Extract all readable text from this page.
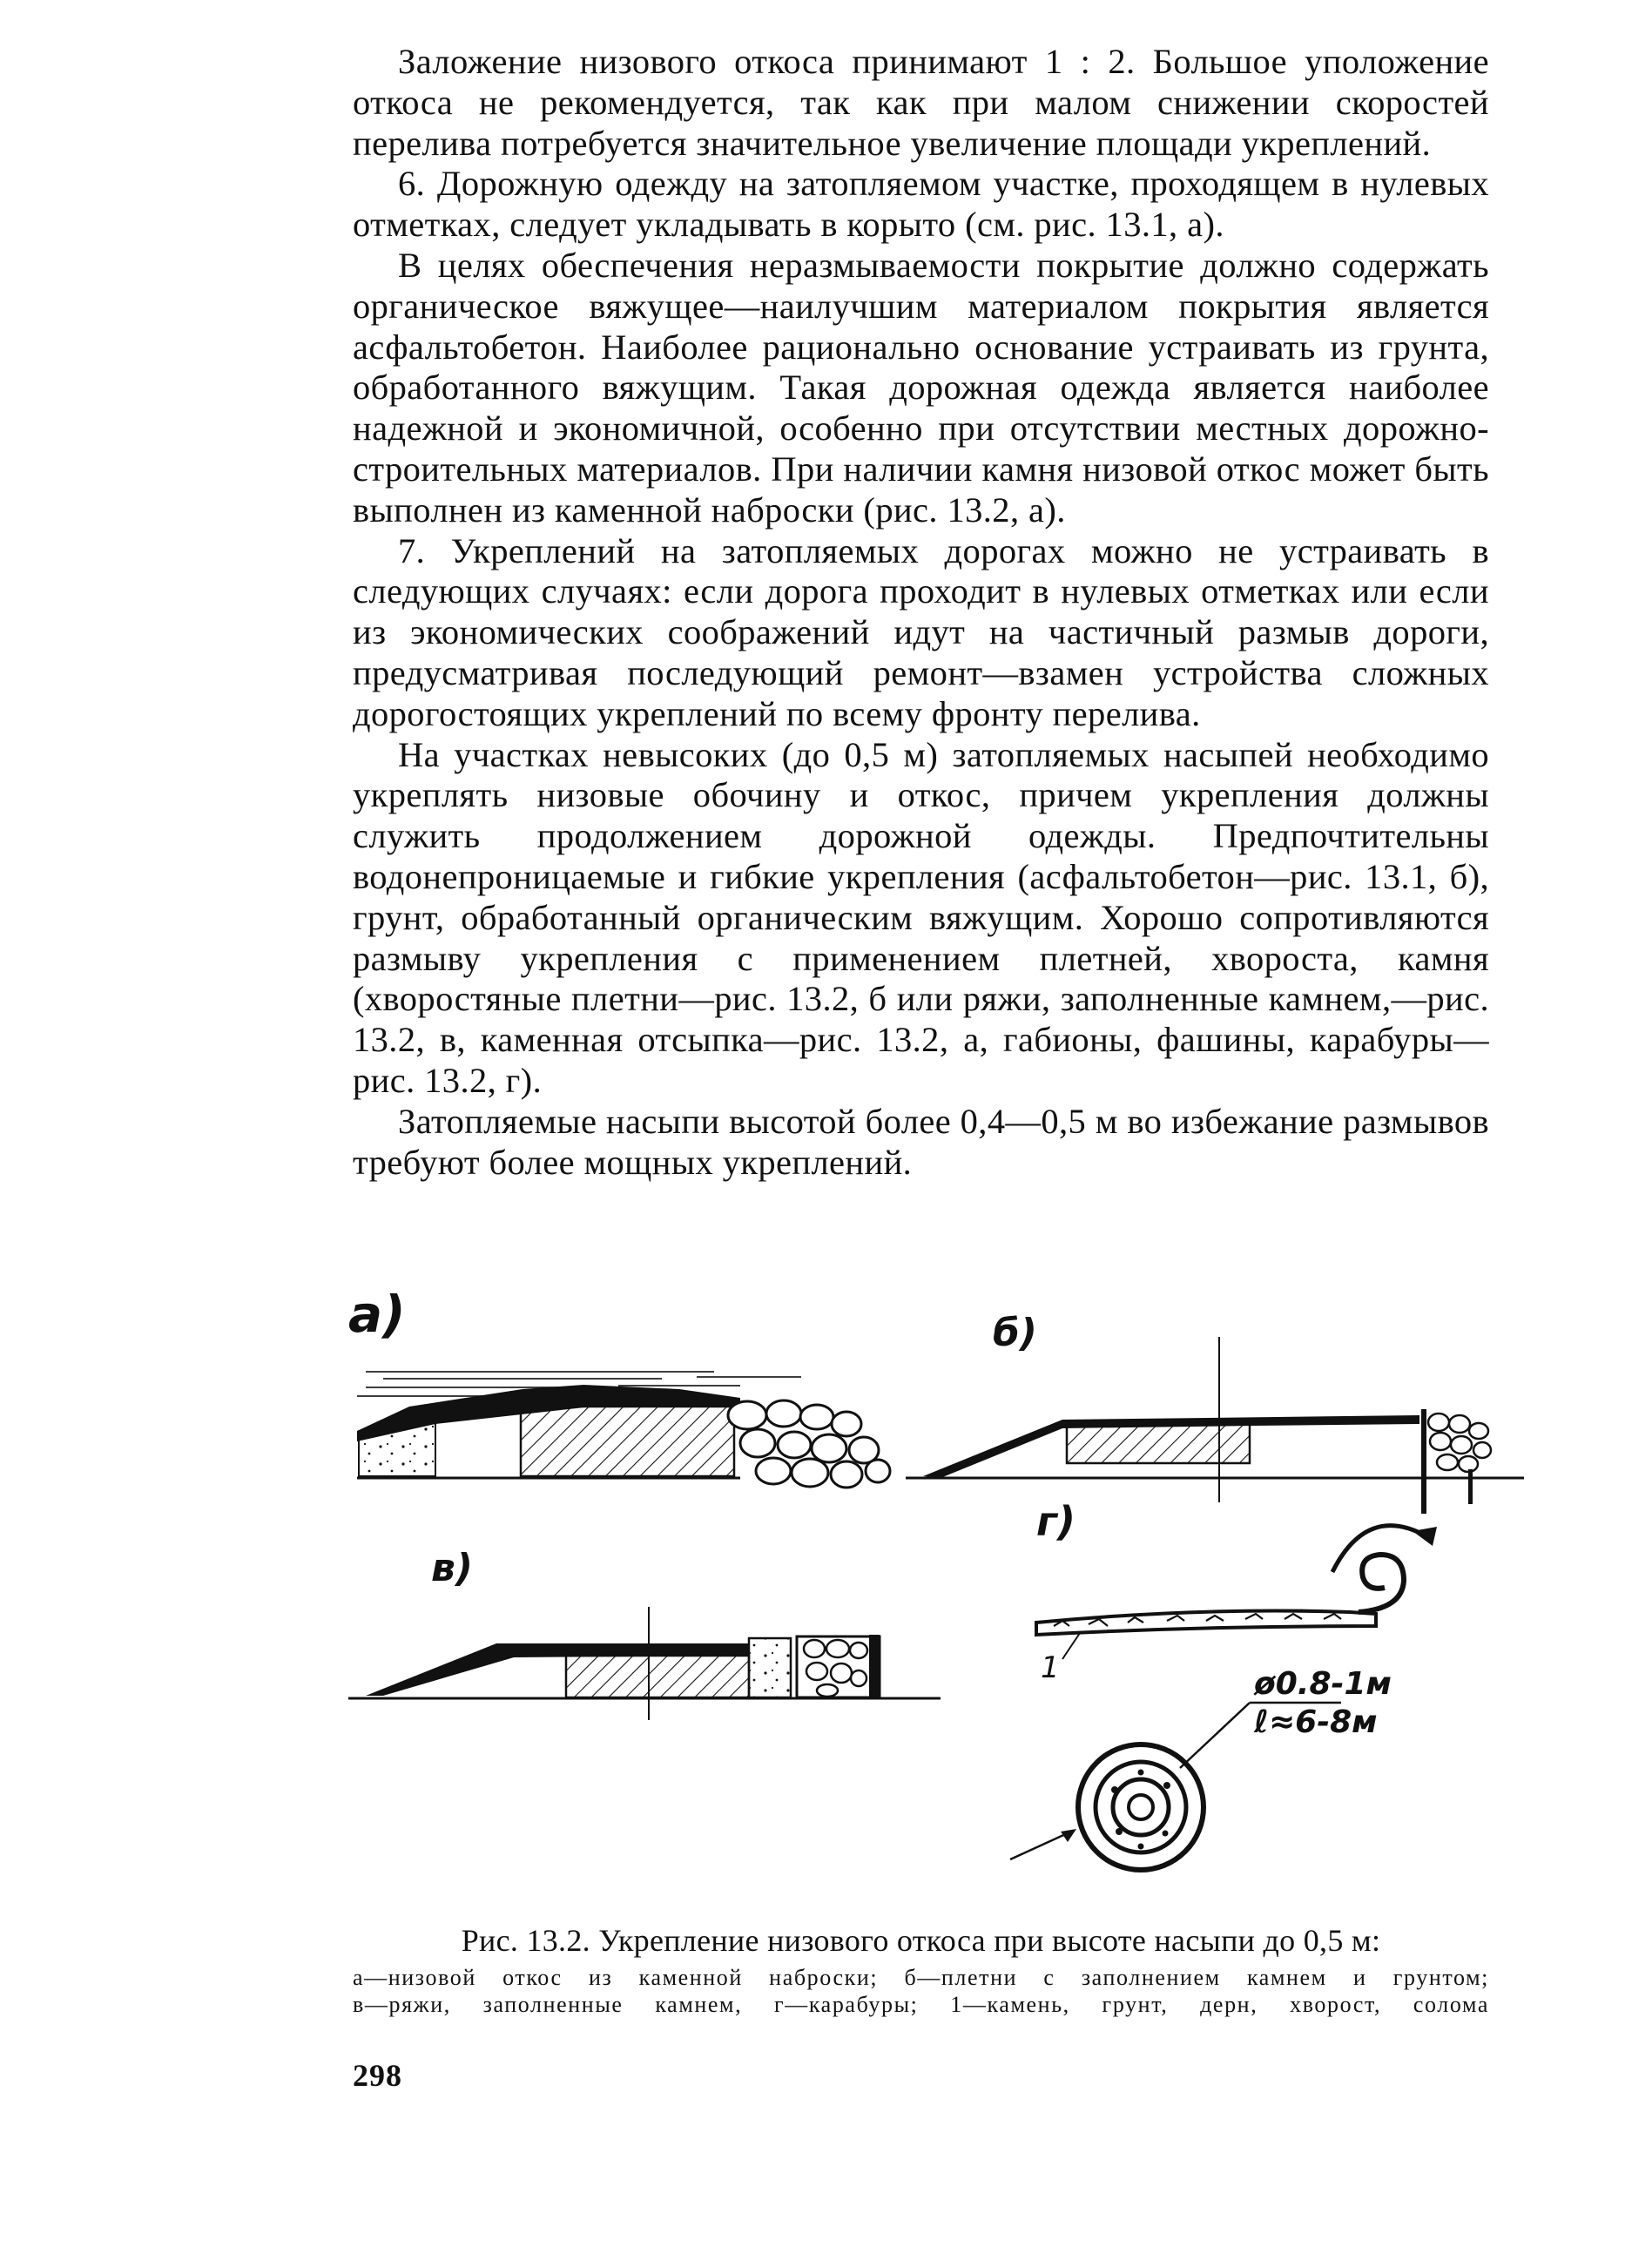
Заложение низового откоса принимают 1 : 2. Большое уположение откоса не рекомендуется, так как при малом снижении скоростей перелива потребуется значительное увеличение площади укреплений.

6. Дорожную одежду на затопляемом участке, проходящем в нулевых отметках, следует укладывать в корыто (см. рис. 13.1, а).

В целях обеспечения неразмываемости покрытие должно содержать органическое вяжущее—наилучшим материалом покрытия является асфальтобетон. Наиболее рационально основание устраивать из грунта, обработанного вяжущим. Такая дорожная одежда является наиболее надежной и экономичной, особенно при отсутствии местных дорожно-строительных материалов. При наличии камня низовой откос может быть выполнен из каменной наброски (рис. 13.2, а).

7. Укреплений на затопляемых дорогах можно не устраивать в следующих случаях: если дорога проходит в нулевых отметках или если из экономических соображений идут на частичный размыв дороги, предусматривая последующий ремонт—взамен устройства сложных дорогостоящих укреплений по всему фронту перелива.

На участках невысоких (до 0,5 м) затопляемых насыпей необходимо укреплять низовые обочину и откос, причем укрепления должны служить продолжением дорожной одежды. Предпочтительны водонепроницаемые и гибкие укрепления (асфальтобетон—рис. 13.1, б), грунт, обработанный органическим вяжущим. Хорошо сопротивляются размыву укрепления с применением плетней, хвороста, камня (хворостяные плетни—рис. 13.2, б или ряжи, заполненные камнем,—рис. 13.2, в, каменная отсыпка—рис. 13.2, а, габионы, фашины, карабуры—рис. 13.2, г).

Затопляемые насыпи высотой более 0,4—0,5 м во избежание размывов требуют более мощных укреплений.

а)	б)
в)
г)
1	ø0.8-1м
ℓ≈6-8м
Рис. 13.2. Укрепление низового откоса при высоте насыпи до 0,5 м:
а—низовой откос из каменной наброски; б—плетни с заполнением камнем и грунтом;
в—ряжи, заполненные камнем, г—карабуры; 1—камень, грунт, дерн, хворост, солома
298
